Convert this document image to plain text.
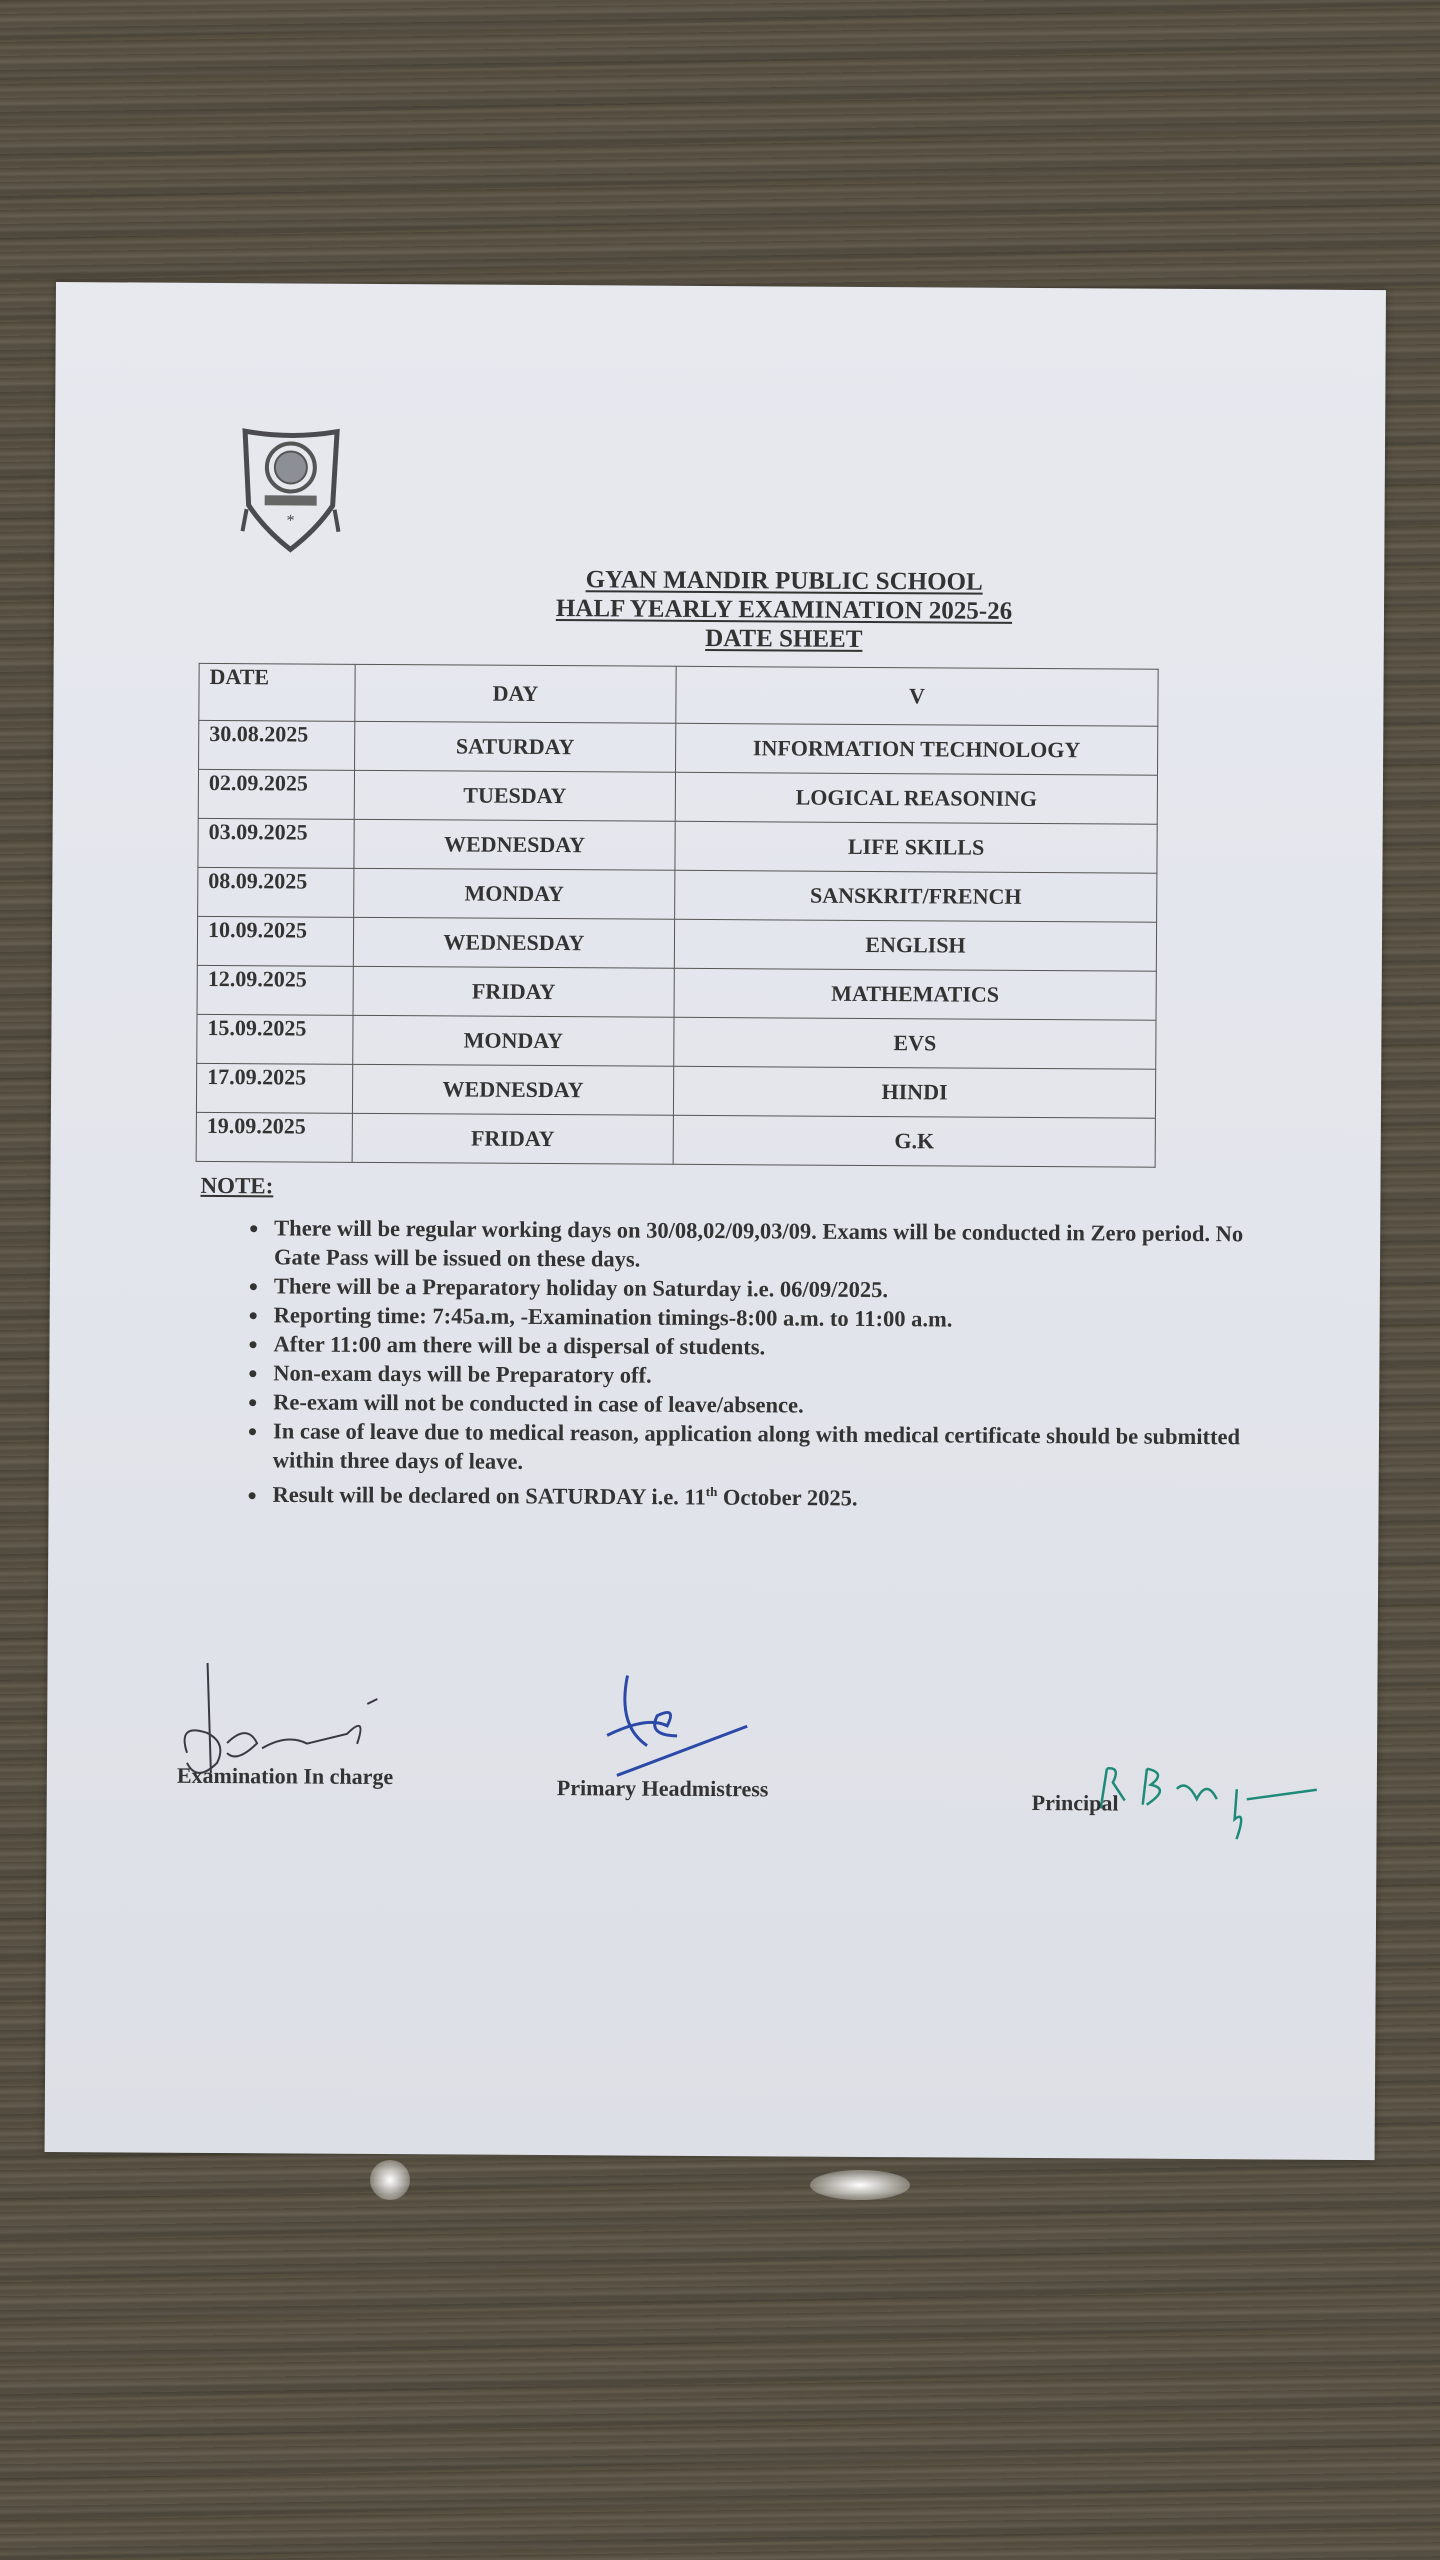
*
GYAN MANDIR PUBLIC SCHOOL
HALF YEARLY EXAMINATION 2025-26
DATE SHEET
DATE	DAY	V
30.08.2025	SATURDAY	INFORMATION TECHNOLOGY
02.09.2025	TUESDAY	LOGICAL REASONING
03.09.2025	WEDNESDAY	LIFE SKILLS
08.09.2025	MONDAY	SANSKRIT/FRENCH
10.09.2025	WEDNESDAY	ENGLISH
12.09.2025	FRIDAY	MATHEMATICS
15.09.2025	MONDAY	EVS
17.09.2025	WEDNESDAY	HINDI
19.09.2025	FRIDAY	G.K
NOTE:
• There will be regular working days on 30/08,02/09,03/09. Exams will be conducted in Zero period. No Gate Pass will be issued on these days.
• There will be a Preparatory holiday on Saturday i.e. 06/09/2025.
• Reporting time: 7:45a.m, -Examination timings-8:00 a.m. to 11:00 a.m.
• After 11:00 am there will be a dispersal of students.
• Non-exam days will be Preparatory off.
• Re-exam will not be conducted in case of leave/absence.
• In case of leave due to medical reason, application along with medical certificate should be submitted within three days of leave.
• Result will be declared on SATURDAY i.e. 11th October 2025.
Examination In charge	Primary Headmistress
Principal
